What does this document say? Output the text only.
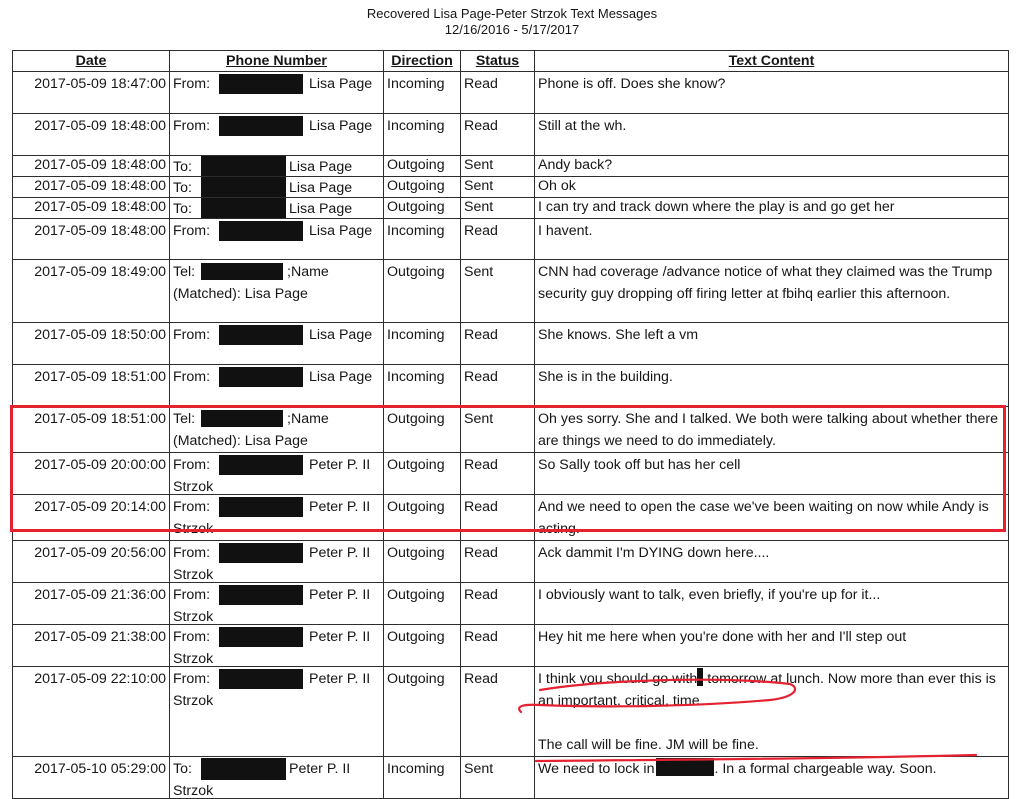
Recovered Lisa Page-Peter Strzok Text Messages
12/16/2016 - 5/17/2017
Date	Phone Number	Direction	Status	Text Content
2017-05-09 18:47:00	From: Lisa Page	Incoming	Read	Phone is off. Does she know?
2017-05-09 18:48:00	From: Lisa Page	Incoming	Read	Still at the wh.
2017-05-09 18:48:00	To: Lisa Page	Outgoing	Sent	Andy back?
2017-05-09 18:48:00	To: Lisa Page	Outgoing	Sent	Oh ok
2017-05-09 18:48:00	To: Lisa Page	Outgoing	Sent	I can try and track down where the play is and go get her
2017-05-09 18:48:00	From: Lisa Page	Incoming	Read	I havent.
2017-05-09 18:49:00	Tel: ;Name
(Matched): Lisa Page	Outgoing	Sent	CNN had coverage /advance notice of what they claimed was the Trump security guy dropping off firing letter at fbihq earlier this afternoon.
2017-05-09 18:50:00	From: Lisa Page	Incoming	Read	She knows. She left a vm
2017-05-09 18:51:00	From: Lisa Page	Incoming	Read	She is in the building.
2017-05-09 18:51:00	Tel: ;Name
(Matched): Lisa Page	Outgoing	Sent	Oh yes sorry. She and I talked. We both were talking about whether there are things we need to do immediately.
2017-05-09 20:00:00	From: Peter P. II
Strzok	Outgoing	Read	So Sally took off but has her cell
2017-05-09 20:14:00	From: Peter P. II
Strzok	Outgoing	Read	And we need to open the case we've been waiting on now while Andy is acting.
2017-05-09 20:56:00	From: Peter P. II
Strzok	Outgoing	Read	Ack dammit I'm DYING down here....
2017-05-09 21:36:00	From: Peter P. II
Strzok	Outgoing	Read	I obviously want to talk, even briefly, if you're up for it...
2017-05-09 21:38:00	From: Peter P. II
Strzok	Outgoing	Read	Hey hit me here when you're done with her and I'll step out
2017-05-09 22:10:00	From: Peter P. II
Strzok	Outgoing	Read	I think you should go with tomorrow at lunch. Now more than ever this is an important, critical, time.
The call will be fine. JM will be fine.

2017-05-10 05:29:00	To: Peter P. II
Strzok	Incoming	Sent	We need to lock in . In a formal chargeable way. Soon.
